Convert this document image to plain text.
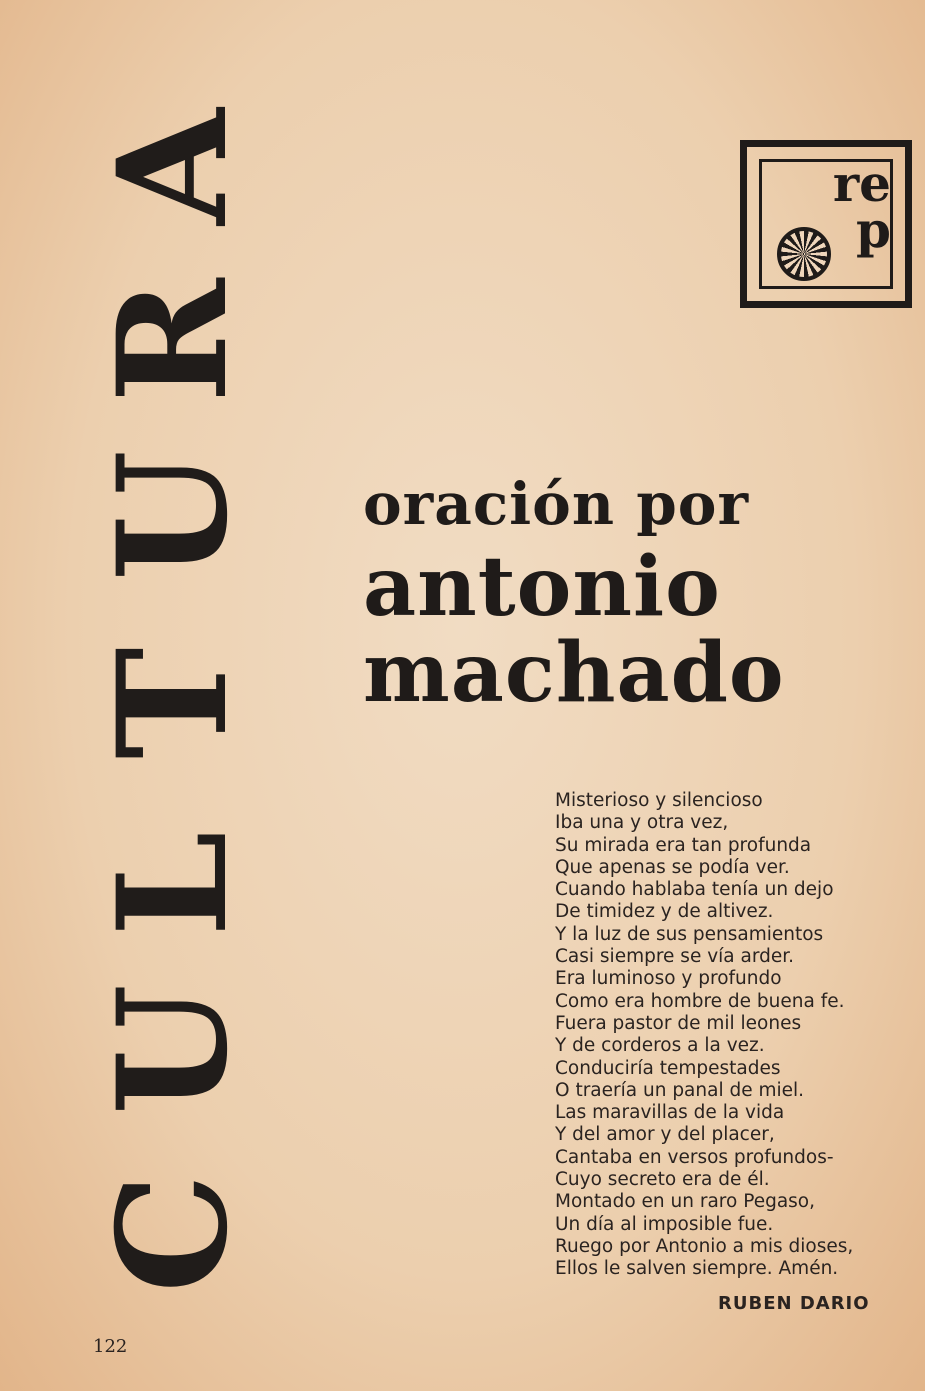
C
U
L
T
U
R
A	re
p
oración por
antonio
machado
Misterioso y silencioso
Iba una y otra vez,
Su mirada era tan profunda
Que apenas se podía ver.
Cuando hablaba tenía un dejo
De timidez y de altivez.
Y la luz de sus pensamientos
Casi siempre se vía arder.
Era luminoso y profundo
Como era hombre de buena fe.
Fuera pastor de mil leones
Y de corderos a la vez.
Conduciría tempestades
O traería un panal de miel.
Las maravillas de la vida
Y del amor y del placer,
Cantaba en versos profundos-
Cuyo secreto era de él.
Montado en un raro Pegaso,
Un día al imposible fue.
Ruego por Antonio a mis dioses,
Ellos le salven siempre. Amén.
RUBEN DARIO
122
